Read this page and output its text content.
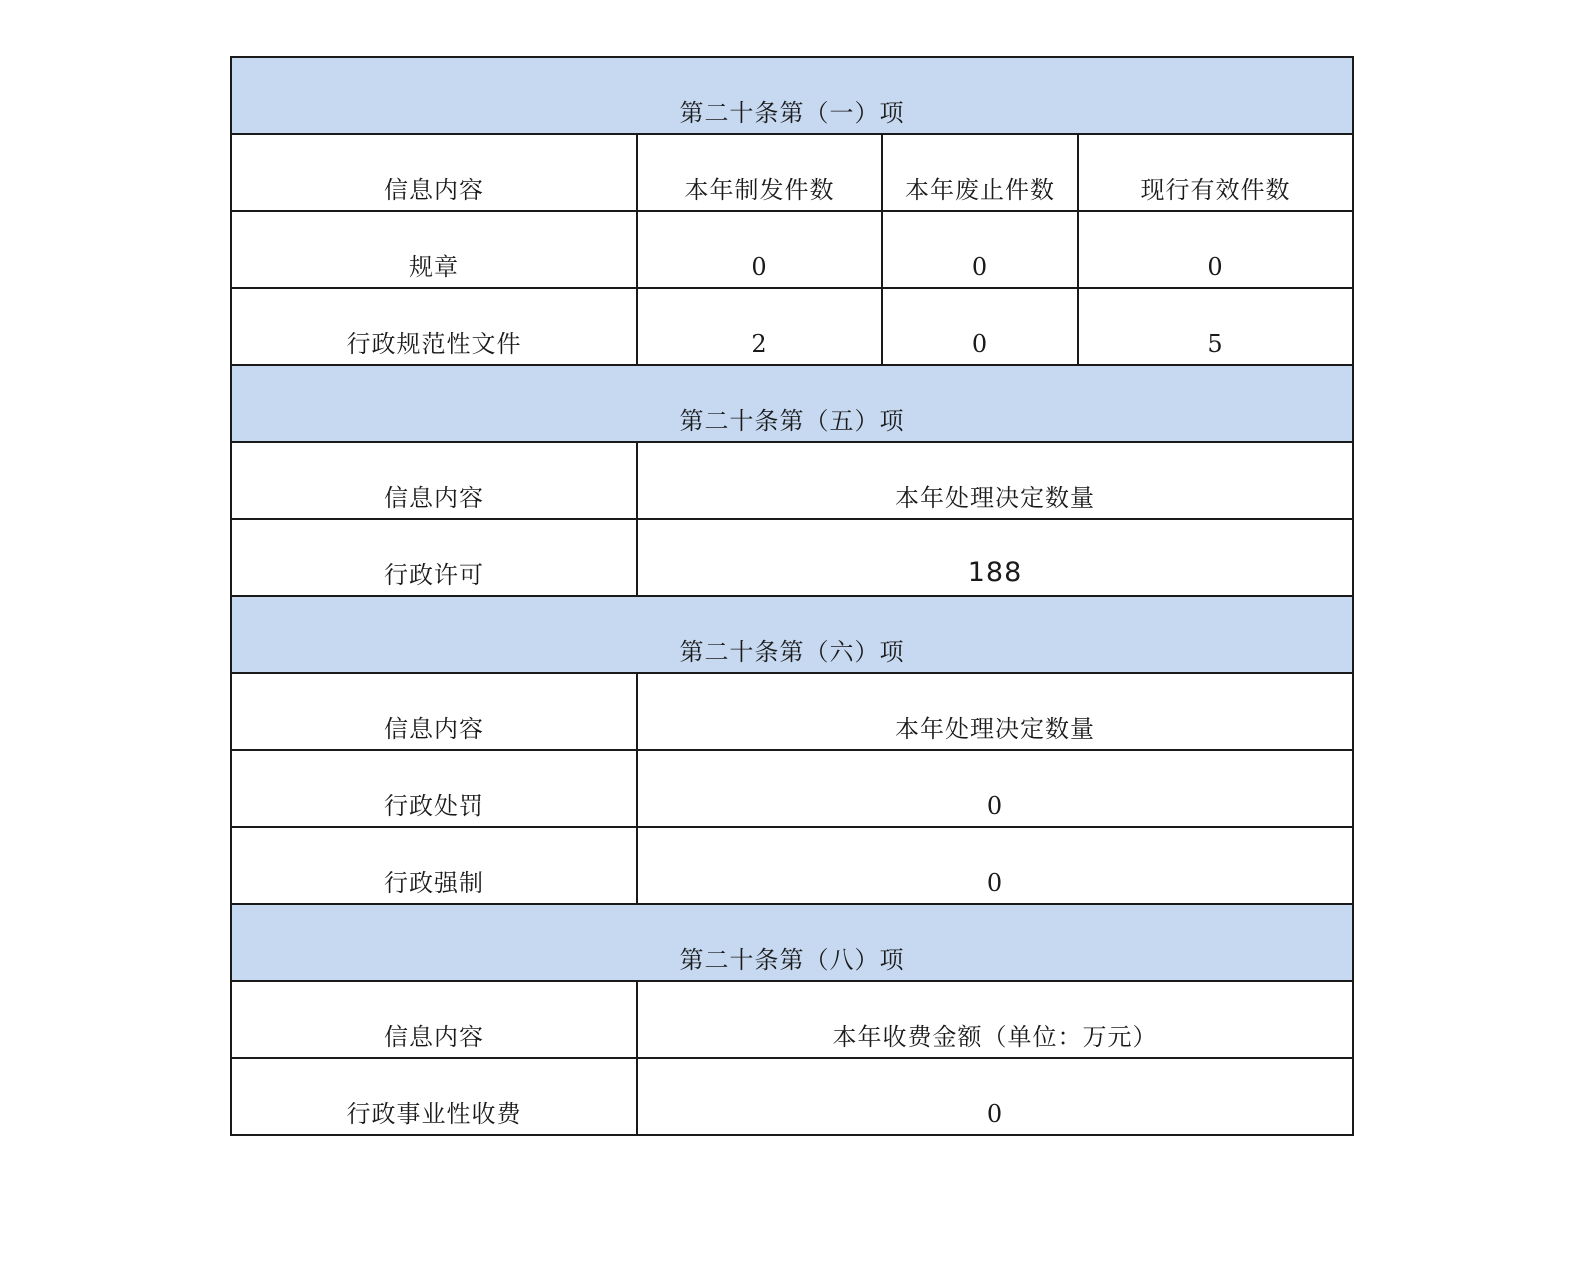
第二十条第（一）项			
信息内容	本年制发件数	本年废止件数	现行有效件数
规章	0	0	0
行政规范性文件	2	0	5
第二十条第（五）项			
信息内容	本年处理决定数量		
行政许可	188		
第二十条第（六）项			
信息内容	本年处理决定数量		
行政处罚	0		
行政强制	0		
第二十条第（八）项			
信息内容	本年收费金额（单位：万元）		
行政事业性收费	0		
